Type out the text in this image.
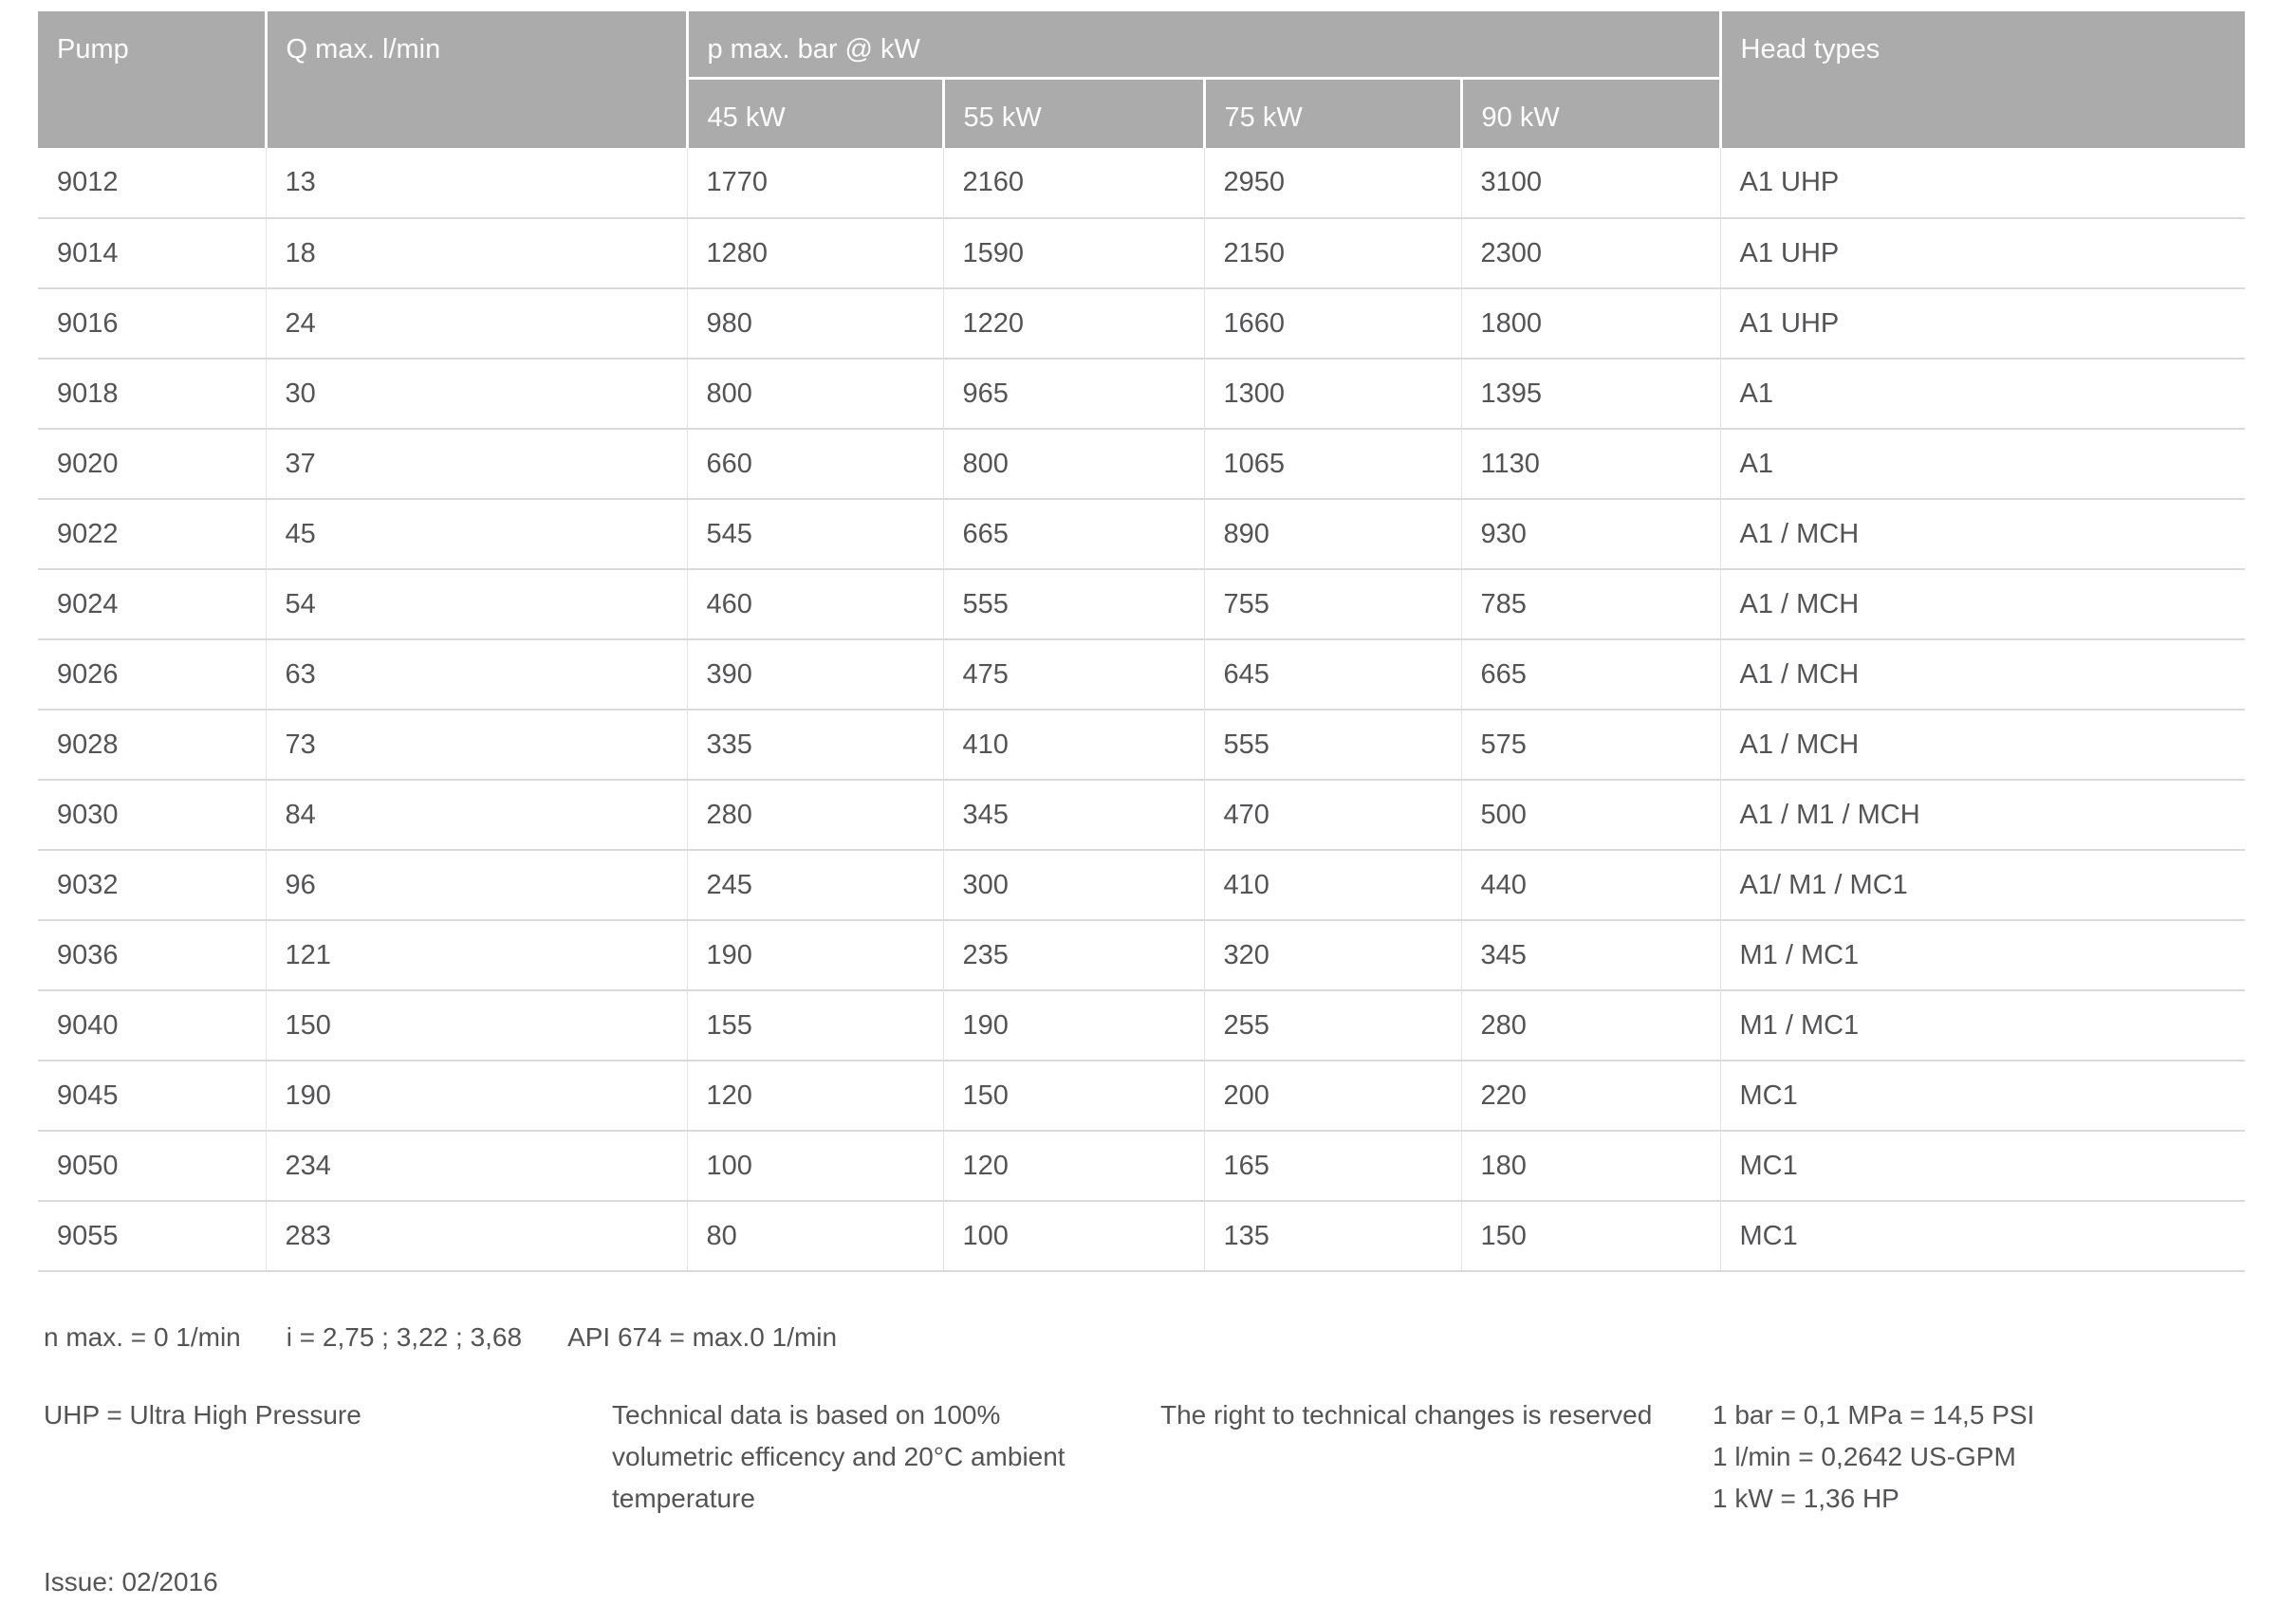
Pump	Q max. l/min	p max. bar @ kW				Head types
		45 kW	55 kW	75 kW	90 kW	
9012	13	1770	2160	2950	3100	A1 UHP
9014	18	1280	1590	2150	2300	A1 UHP
9016	24	980	1220	1660	1800	A1 UHP
9018	30	800	965	1300	1395	A1
9020	37	660	800	1065	1130	A1
9022	45	545	665	890	930	A1 / MCH
9024	54	460	555	755	785	A1 / MCH
9026	63	390	475	645	665	A1 / MCH
9028	73	335	410	555	575	A1 / MCH
9030	84	280	345	470	500	A1 / M1 / MCH
9032	96	245	300	410	440	A1/ M1 / MC1
9036	121	190	235	320	345	M1 / MC1
9040	150	155	190	255	280	M1 / MC1
9045	190	120	150	200	220	MC1
9050	234	100	120	165	180	MC1
9055	283	80	100	135	150	MC1
n max. = 0 1/min i = 2,75 ; 3,22 ; 3,68 API 674 = max.0 1/min
UHP = Ultra High Pressure	Technical data is based on 100%
volumetric efficency and 20°C ambient
temperature
The right to technical changes is reserved 1 bar = 0,1 MPa = 14,5 PSI
1 l/min = 0,2642 US-GPM
1 kW = 1,36 HP
Issue: 02/2016
